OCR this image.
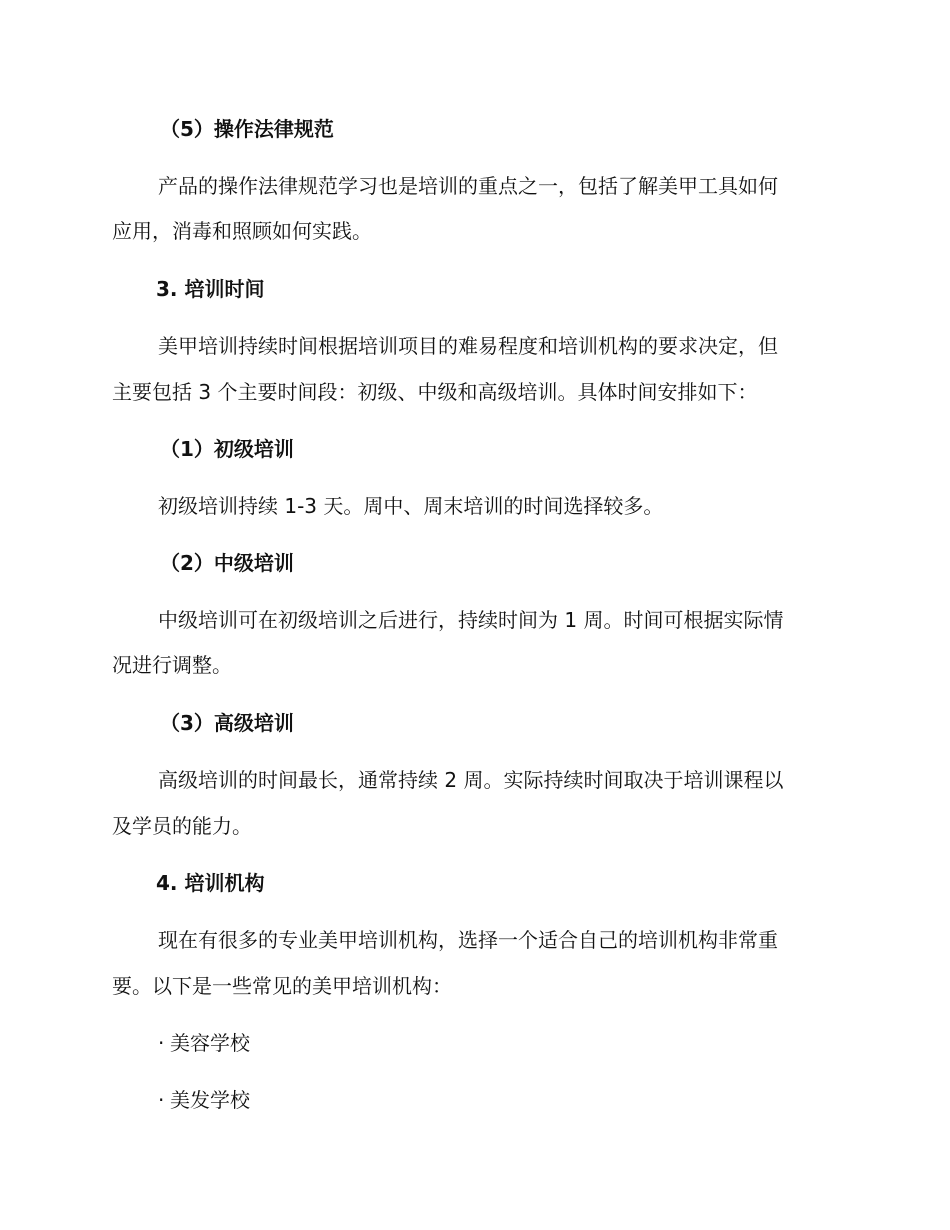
（5）操作法律规范
产品的操作法律规范学习也是培训的重点之一，包括了解美甲工具如何
应用，消毒和照顾如何实践。
3. 培训时间
美甲培训持续时间根据培训项目的难易程度和培训机构的要求决定，但
主要包括 3 个主要时间段：初级、中级和高级培训。具体时间安排如下：
（1）初级培训
初级培训持续 1-3 天。周中、周末培训的时间选择较多。
（2）中级培训
中级培训可在初级培训之后进行，持续时间为 1 周。时间可根据实际情
况进行调整。
（3）高级培训
高级培训的时间最长，通常持续 2 周。实际持续时间取决于培训课程以
及学员的能力。
4. 培训机构
现在有很多的专业美甲培训机构，选择一个适合自己的培训机构非常重
要。以下是一些常见的美甲培训机构：
· 美容学校
· 美发学校
